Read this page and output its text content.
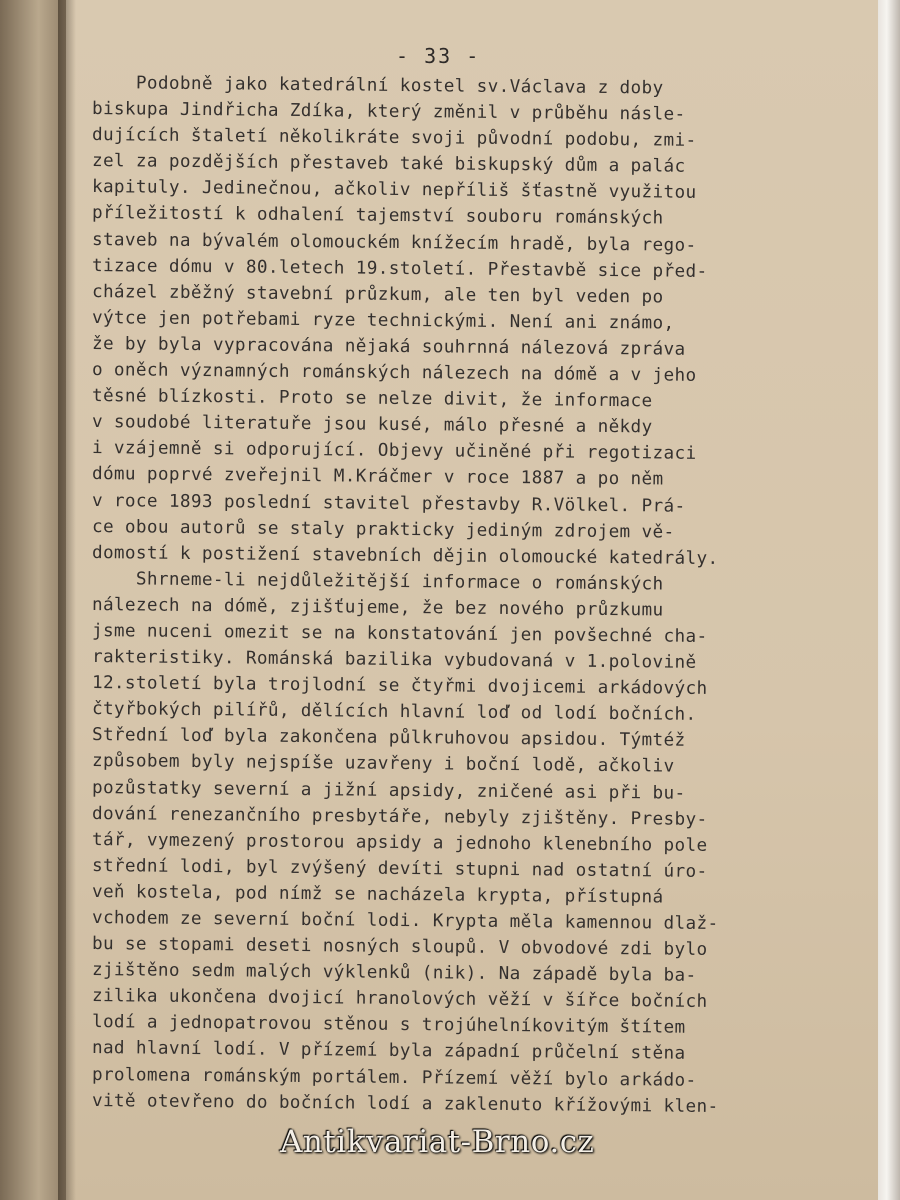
- 33 -
Podobně jako katedrální kostel sv.Václava z doby
biskupa Jindřicha Zdíka, který změnil v průběhu násle-
dujících štaletí několikráte svoji původní podobu, zmi-
zel za pozdějších přestaveb také biskupský dům a palác
kapituly. Jedinečnou, ačkoliv nepříliš šťastně využitou
příležitostí k odhalení tajemství souboru románských
staveb na bývalém olomouckém knížecím hradě, byla rego-
tizace dómu v 80.letech 19.století. Přestavbě sice před-
cházel zběžný stavební průzkum, ale ten byl veden po
výtce jen potřebami ryze technickými. Není ani známo,
že by byla vypracována nějaká souhrnná nálezová zpráva
o oněch významných románských nálezech na dómě a v jeho
těsné blízkosti. Proto se nelze divit, že informace
v soudobé literatuře jsou kusé, málo přesné a někdy
i vzájemně si odporující. Objevy učiněné při regotizaci
dómu poprvé zveřejnil M.Kráčmer v roce 1887 a po něm
v roce 1893 poslední stavitel přestavby R.Völkel. Prá-
ce obou autorů se staly prakticky jediným zdrojem vě-
domostí k postižení stavebních dějin olomoucké katedrály.
Shrneme-li nejdůležitější informace o románských
nálezech na dómě, zjišťujeme, že bez nového průzkumu
jsme nuceni omezit se na konstatování jen povšechné cha-
rakteristiky. Románská bazilika vybudovaná v 1.polovině
12.století byla trojlodní se čtyřmi dvojicemi arkádových
čtyřbokých pilířů, dělících hlavní loď od lodí bočních.
Střední loď byla zakončena půlkruhovou apsidou. Týmtéž
způsobem byly nejspíše uzavřeny i boční lodě, ačkoliv
pozůstatky severní a jižní apsidy, zničené asi při bu-
dování renezančního presbytáře, nebyly zjištěny. Presby-
tář, vymezený prostorou apsidy a jednoho klenebního pole
střední lodi, byl zvýšený devíti stupni nad ostatní úro-
veň kostela, pod nímž se nacházela krypta, přístupná
vchodem ze severní boční lodi. Krypta měla kamennou dlaž-
bu se stopami deseti nosných sloupů. V obvodové zdi bylo
zjištěno sedm malých výklenků (nik). Na západě byla ba-
zilika ukončena dvojicí hranolových věží v šířce bočních
lodí a jednopatrovou stěnou s trojúhelníkovitým štítem
nad hlavní lodí. V přízemí byla západní průčelní stěna
prolomena románským portálem. Přízemí věží bylo arkádo-
vitě otevřeno do bočních lodí a zaklenuto křížovými klen-
Antikvariat-Brno.cz
